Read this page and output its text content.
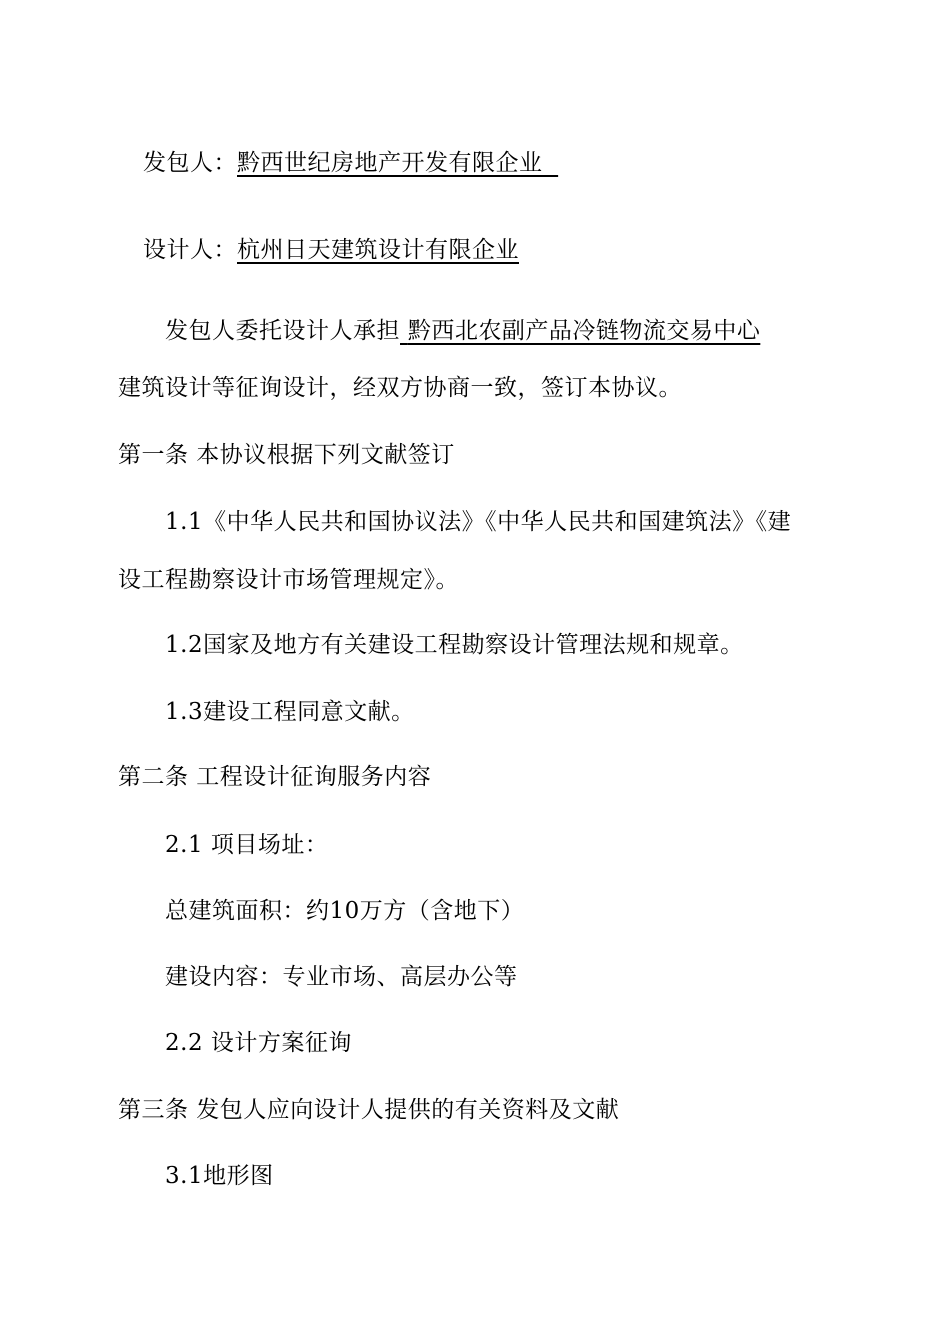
发包人：黔西世纪房地产开发有限企业
设计人：杭州日天建筑设计有限企业
发包人委托设计人承担 黔西北农副产品冷链物流交易中心
建筑设计等征询设计，经双方协商一致，签订本协议。
第一条 本协议根据下列文献签订
1.1《中华人民共和国协议法》《中华人民共和国建筑法》《建
设工程勘察设计市场管理规定》。
1.2国家及地方有关建设工程勘察设计管理法规和规章。
1.3建设工程同意文献。
第二条 工程设计征询服务内容
2.1 项目场址：
总建筑面积：约10万方（含地下）
建设内容：专业市场、高层办公等
2.2 设计方案征询
第三条 发包人应向设计人提供的有关资料及文献
3.1地形图
